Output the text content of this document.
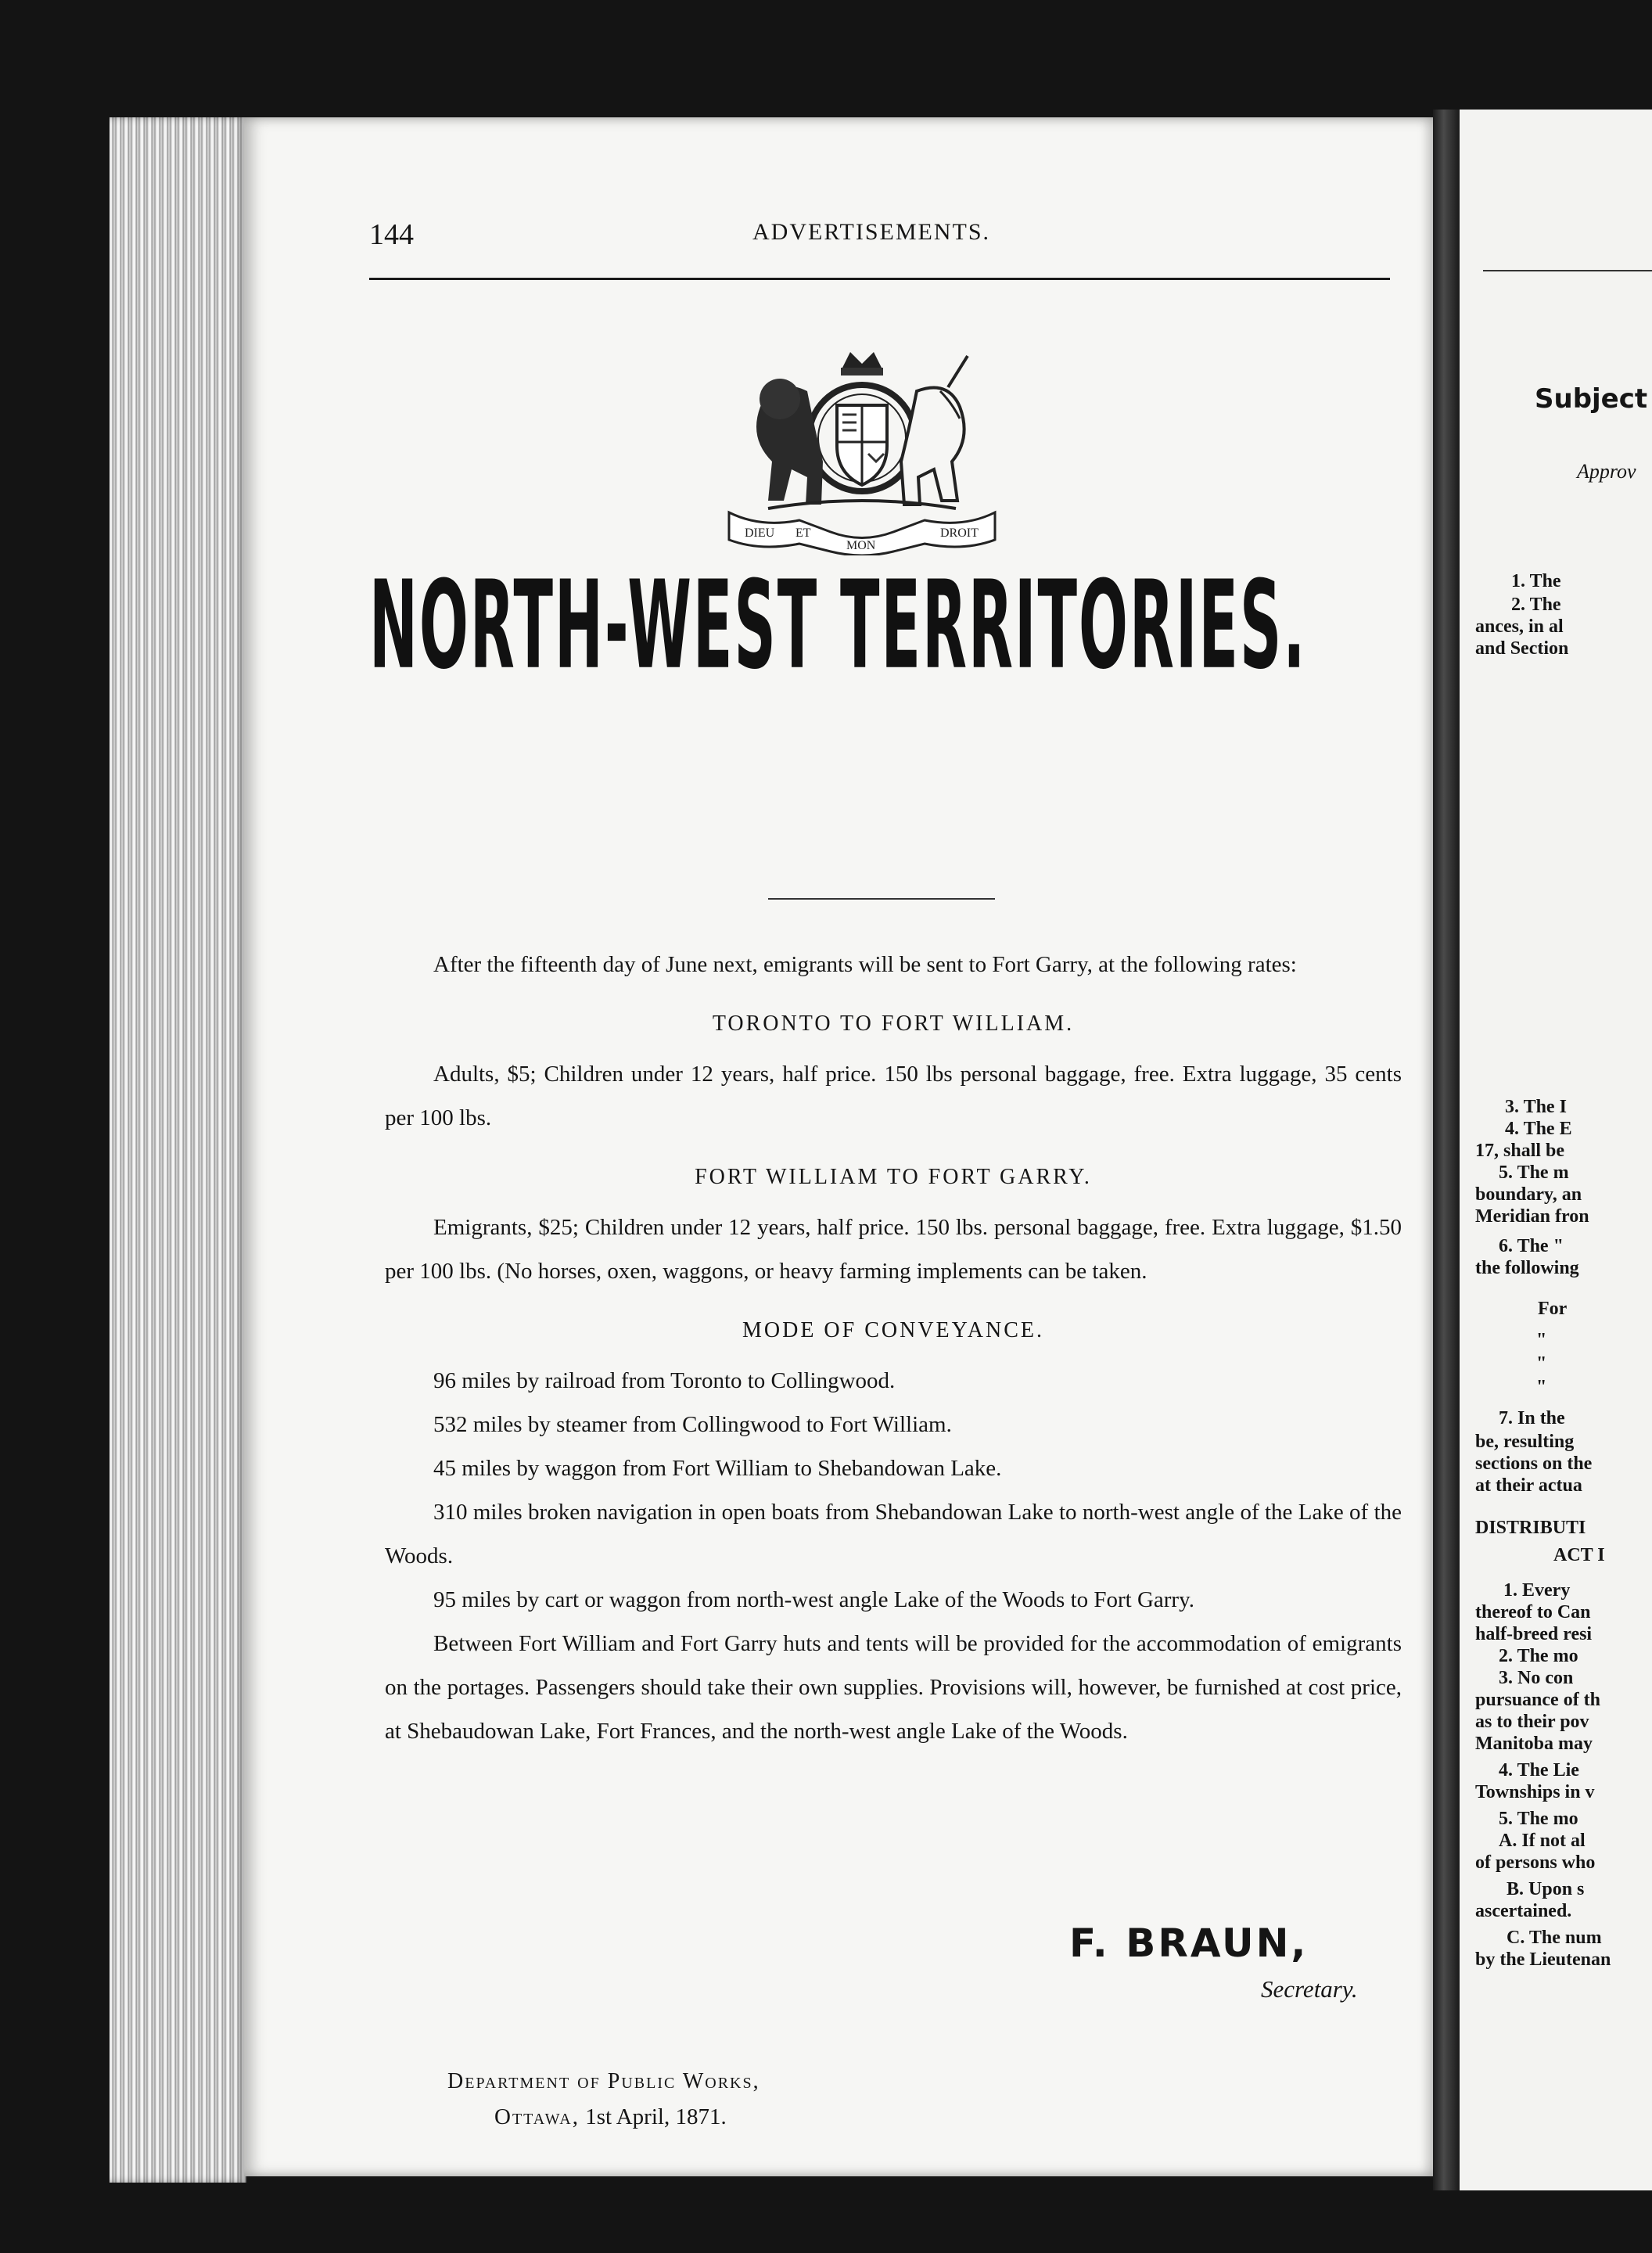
144	ADVERTISEMENTS.
DIEU ET
MON
DROIT
NORTH-WEST TERRITORIES.

After the fifteenth day of June next, emigrants will be sent to Fort Garry, at the following rates:

TORONTO TO FORT WILLIAM.

Adults, $5; Children under 12 years, half price. 150 lbs personal baggage, free. Extra luggage, 35 cents per 100 lbs.

FORT WILLIAM TO FORT GARRY.

Emigrants, $25; Children under 12 years, half price. 150 lbs. personal baggage, free. Extra luggage, $1.50 per 100 lbs. (No horses, oxen, waggons, or heavy farming implements can be taken.

MODE OF CONVEYANCE.
96 miles by railroad from Toronto to Collingwood.
532 miles by steamer from Collingwood to Fort William.
45 miles by waggon from Fort William to Shebandowan Lake.
310 miles broken navigation in open boats from Shebandowan Lake to north-west angle of the Lake of the Woods.
95 miles by cart or waggon from north-west angle Lake of the Woods to Fort Garry.

Between Fort William and Fort Garry huts and tents will be provided for the accommodation of emigrants on the portages. Passengers should take their own supplies. Provisions will, however, be furnished at cost price, at Shebaudowan Lake, Fort Frances, and the north-west angle Lake of the Woods.

F. BRAUN,
Secretary.
Department of Public Works,
Ottawa, 1st April, 1871.
Subject
Approv
1. The
2. The
ances, in al
and Section
3. The I
4. The E
17, shall be
5. The m
boundary, an
Meridian fron
6. The "
the following
For
"
"
"
7. In the
be, resulting
sections on the
at their actua
DISTRIBUTI
ACT I
1. Every
thereof to Can
half-breed resi
2. The mo
3. No con
pursuance of th
as to their pov
Manitoba may
4. The Lie
Townships in v
5. The mo
A. If not al
of persons who
B. Upon s
ascertained.
C. The num
by the Lieutenan
